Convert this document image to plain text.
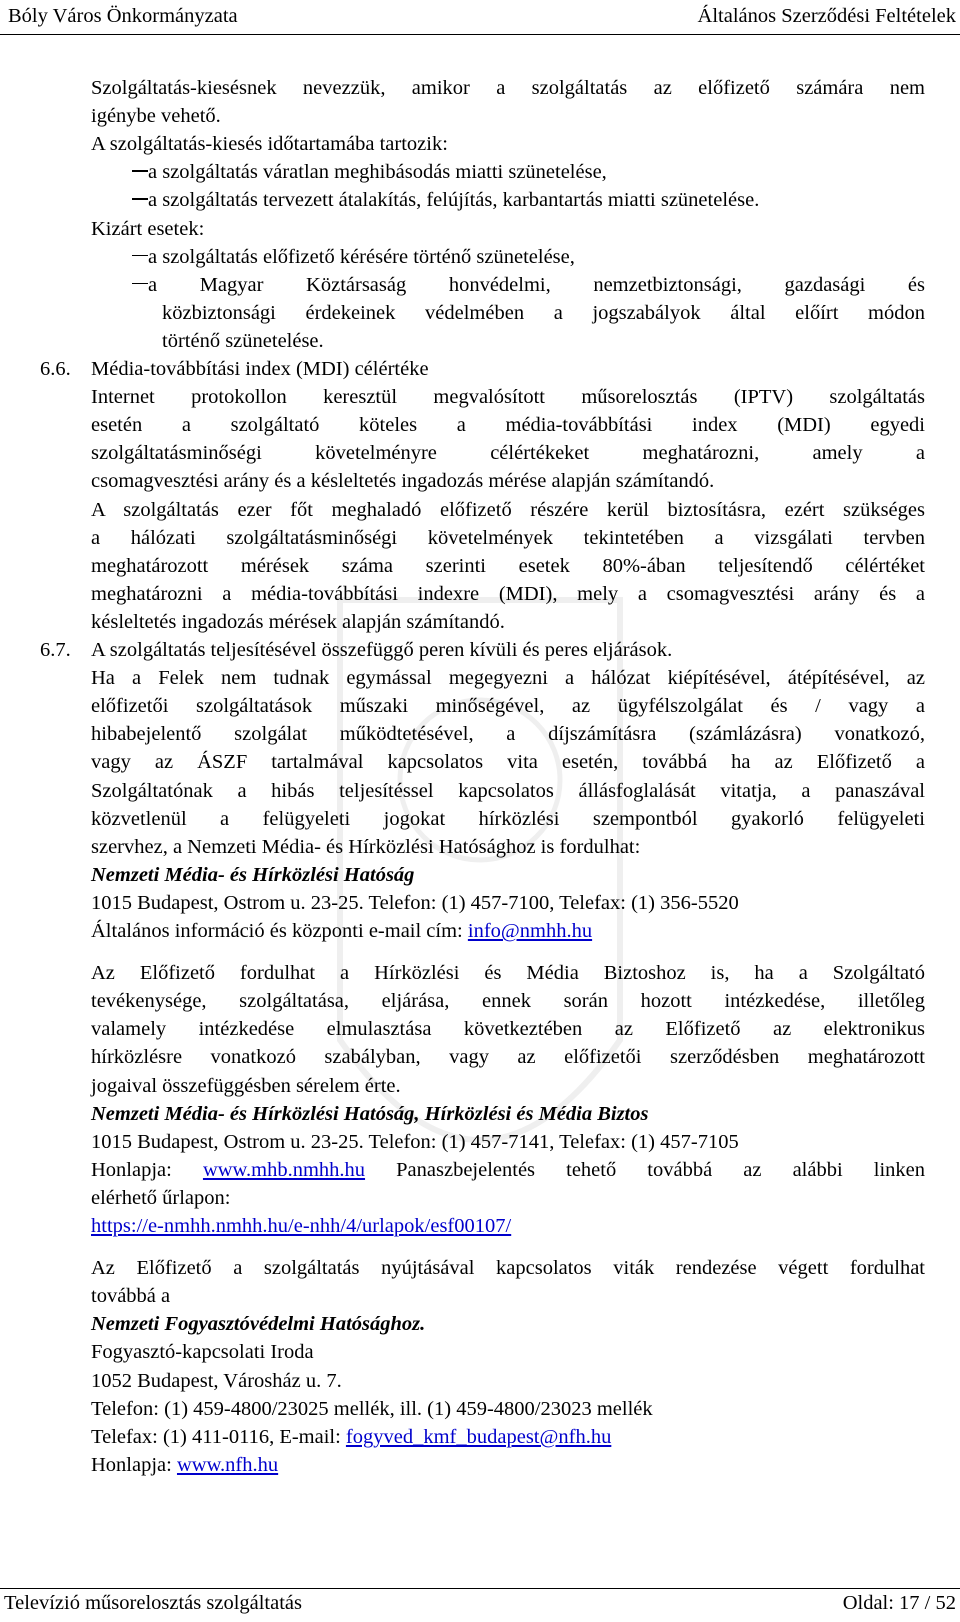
Bóly Város Önkormányzata	Általános Szerződési Feltételek
Szolgáltatás-kiesésnek nevezzük, amikor a szolgáltatás az előfizető számára nem
igénybe vehető.
A szolgáltatás-kiesés időtartamába tartozik:
a szolgáltatás váratlan meghibásodás miatti szünetelése,
a szolgáltatás tervezett átalakítás, felújítás, karbantartás miatti szünetelése.
Kizárt esetek:
a szolgáltatás előfizető kérésére történő szünetelése,
a Magyar Köztársaság honvédelmi, nemzetbiztonsági, gazdasági és
közbiztonsági érdekeinek védelmében a jogszabályok által előírt módon
történő szünetelése.
6.6. Média-továbbítási index (MDI) célértéke
Internet protokollon keresztül megvalósított műsorelosztás (IPTV) szolgáltatás
esetén a szolgáltató köteles a média-továbbítási index (MDI) egyedi
szolgáltatásminőségi követelményre célértékeket meghatározni, amely a
csomagvesztési arány és a késleltetés ingadozás mérése alapján számítandó.
A szolgáltatás ezer főt meghaladó előfizető részére kerül biztosításra, ezért szükséges
a hálózati szolgáltatásminőségi követelmények tekintetében a vizsgálati tervben
meghatározott mérések száma szerinti esetek 80%-ában teljesítendő célértéket
meghatározni a média-továbbítási indexre (MDI), mely a csomagvesztési arány és a
késleltetés ingadozás mérések alapján számítandó.
6.7. A szolgáltatás teljesítésével összefüggő peren kívüli és peres eljárások.
Ha a Felek nem tudnak egymással megegyezni a hálózat kiépítésével, átépítésével, az
előfizetői szolgáltatások műszaki minőségével, az ügyfélszolgálat és / vagy a
hibabejelentő szolgálat működtetésével, a díjszámításra (számlázásra) vonatkozó,
vagy az ÁSZF tartalmával kapcsolatos vita esetén, továbbá ha az Előfizető a
Szolgáltatónak a hibás teljesítéssel kapcsolatos állásfoglalását vitatja, a panaszával
közvetlenül a felügyeleti jogokat hírközlési szempontból gyakorló felügyeleti
szervhez, a Nemzeti Média- és Hírközlési Hatósághoz is fordulhat:
Nemzeti Média- és Hírközlési Hatóság
1015 Budapest, Ostrom u. 23-25. Telefon: (1) 457-7100, Telefax: (1) 356-5520
Általános információ és központi e-mail cím: info@nmhh.hu
Az Előfizető fordulhat a Hírközlési és Média Biztoshoz is, ha a Szolgáltató
tevékenysége, szolgáltatása, eljárása, ennek során hozott intézkedése, illetőleg
valamely intézkedése elmulasztása következtében az Előfizető az elektronikus
hírközlésre vonatkozó szabályban, vagy az előfizetői szerződésben meghatározott
jogaival összefüggésben sérelem érte.
Nemzeti Média- és Hírközlési Hatóság, Hírközlési és Média Biztos
1015 Budapest, Ostrom u. 23-25. Telefon: (1) 457-7141, Telefax: (1) 457-7105
Honlapja: www.mhb.nmhh.hu Panaszbejelentés tehető továbbá az alábbi linken
elérhető űrlapon:
https://e-nmhh.nmhh.hu/e-nhh/4/urlapok/esf00107/
Az Előfizető a szolgáltatás nyújtásával kapcsolatos viták rendezése végett fordulhat
továbbá a
Nemzeti Fogyasztóvédelmi Hatósághoz.
Fogyasztó-kapcsolati Iroda
1052 Budapest, Városház u. 7.
Telefon: (1) 459-4800/23025 mellék, ill. (1) 459-4800/23023 mellék
Telefax: (1) 411-0116, E-mail: fogyved_kmf_budapest@nfh.hu
Honlapja: www.nfh.hu
Televízió műsorelosztás szolgáltatás	Oldal: 17 / 52
